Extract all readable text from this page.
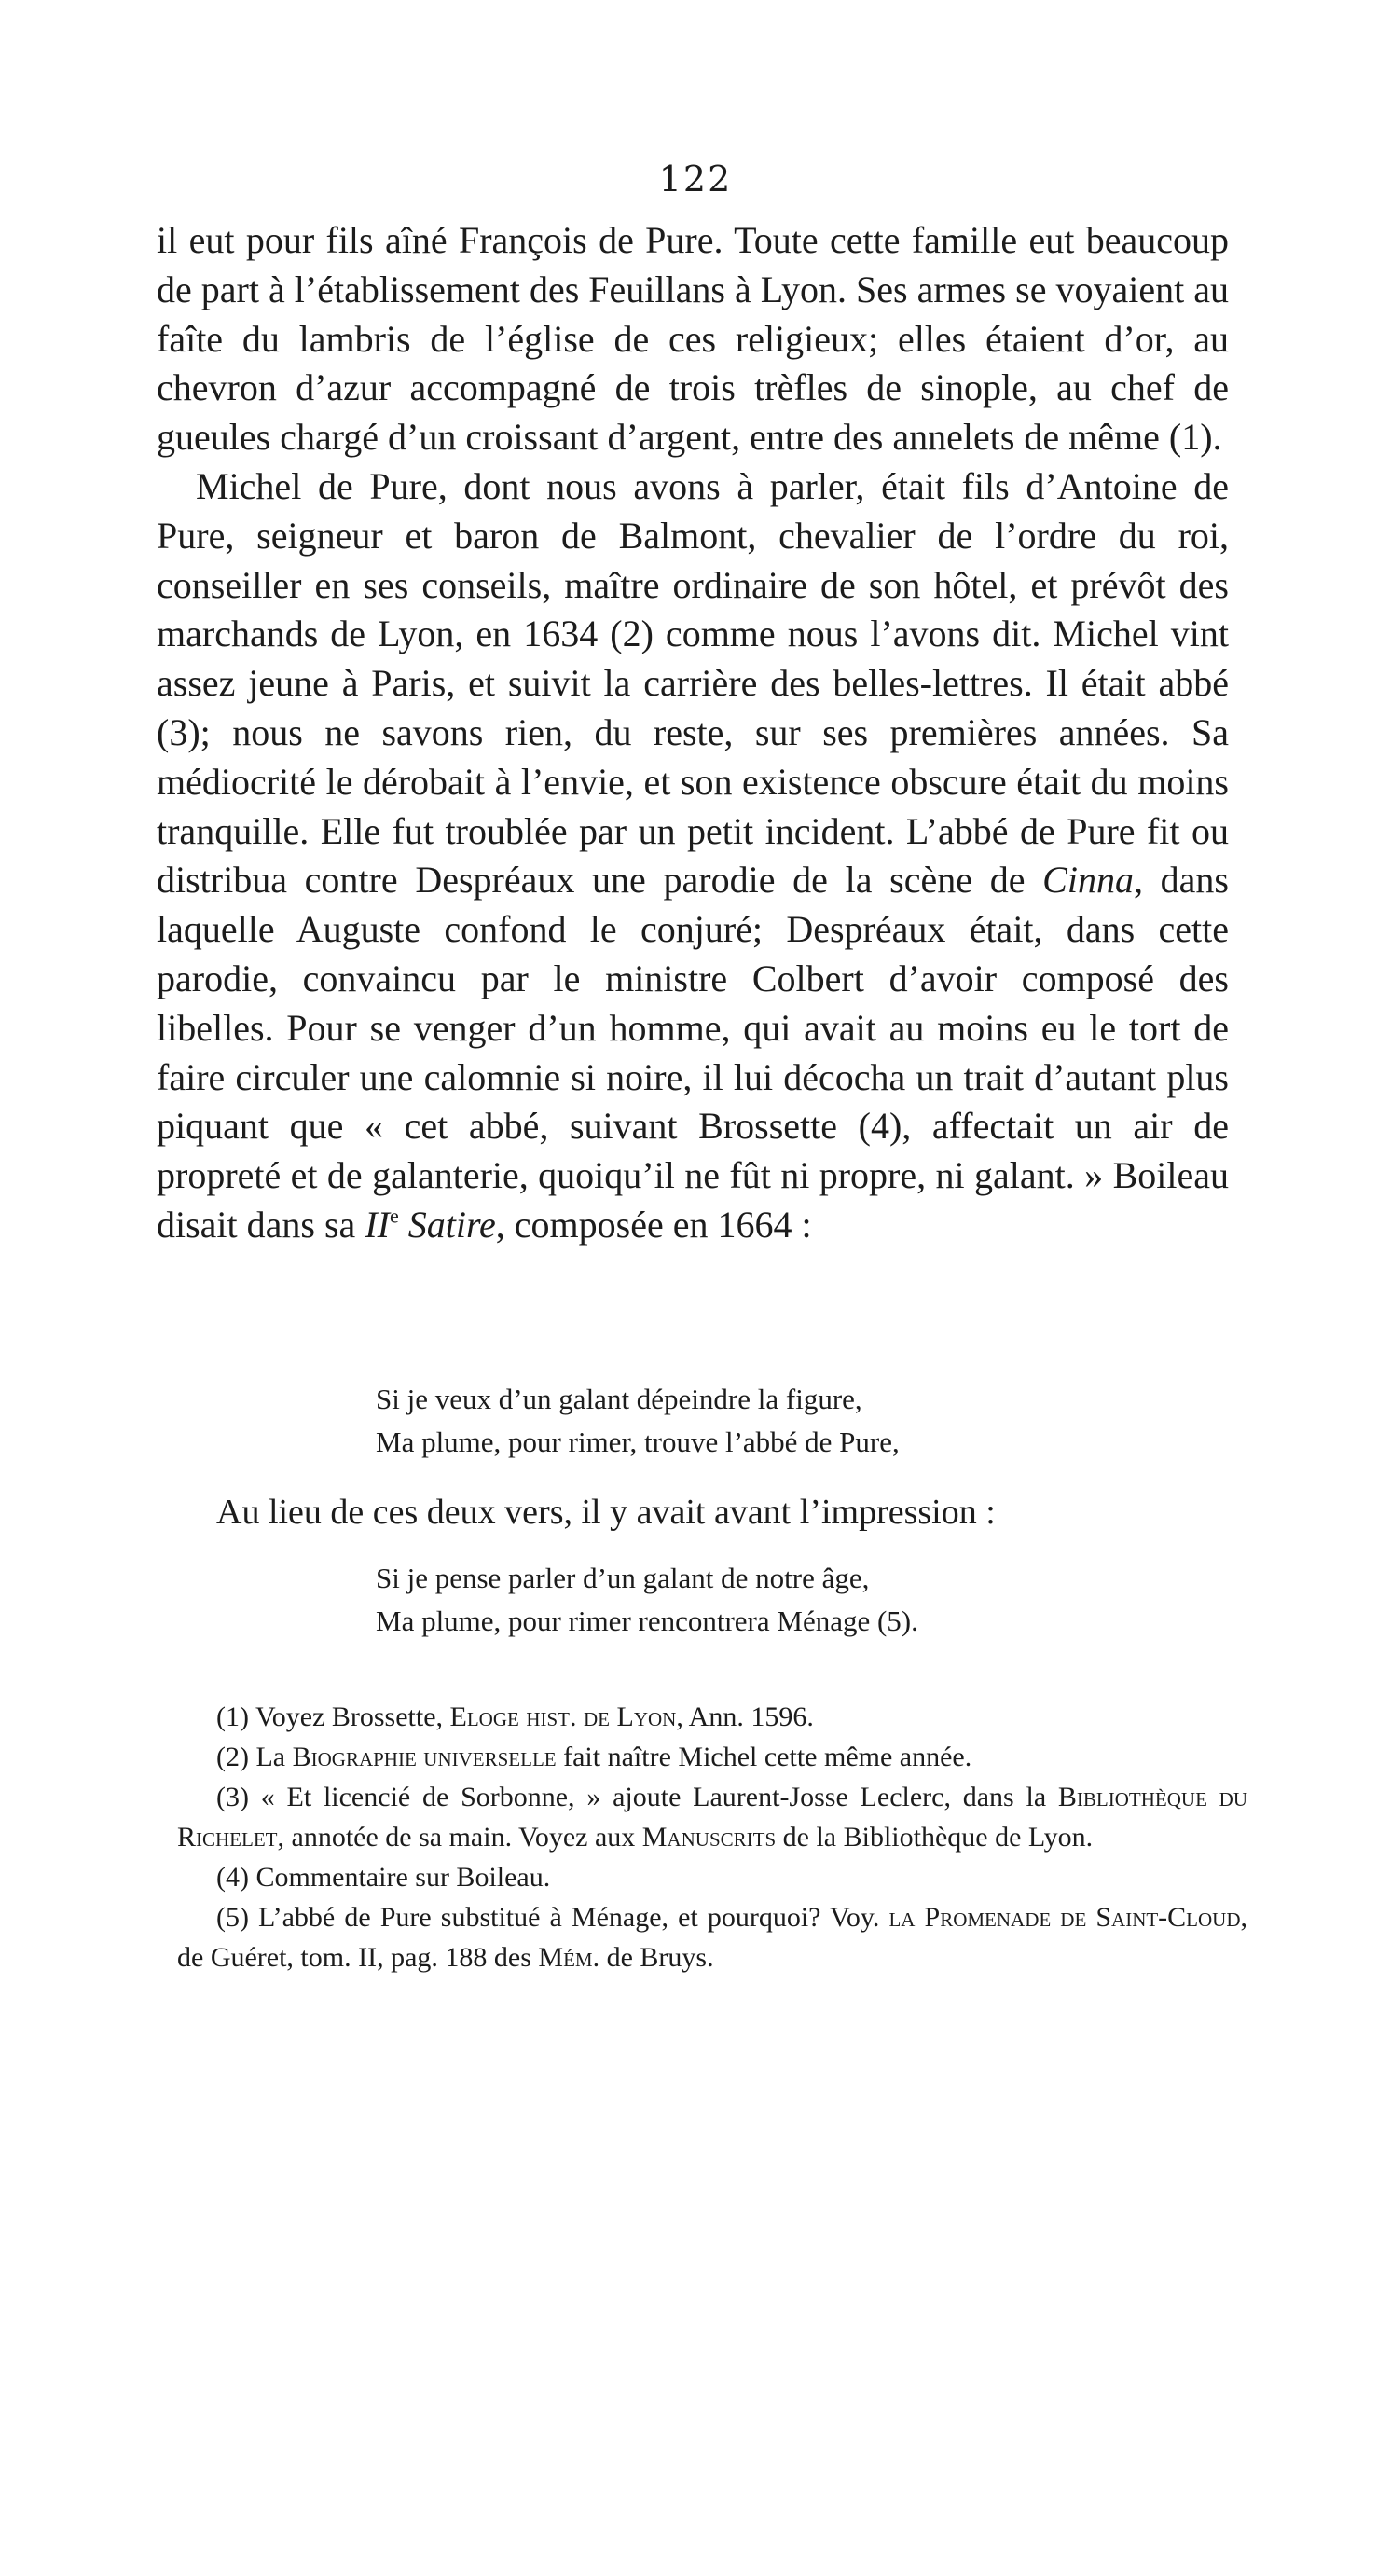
122

il eut pour fils aîné François de Pure. Toute cette famille eut beaucoup de part à l’établissement des Feuillans à Lyon. Ses armes se voyaient au faîte du lambris de l’église de ces religieux; elles étaient d’or, au chevron d’azur accompagné de trois trèfles de sinople, au chef de gueules chargé d’un croissant d’argent, entre des annelets de même (1).

Michel de Pure, dont nous avons à parler, était fils d’Antoine de Pure, seigneur et baron de Balmont, chevalier de l’ordre du roi, conseiller en ses conseils, maître ordinaire de son hôtel, et prévôt des marchands de Lyon, en 1634 (2) comme nous l’avons dit. Michel vint assez jeune à Paris, et suivit la carrière des belles-lettres. Il était abbé (3); nous ne savons rien, du reste, sur ses premières années. Sa médiocrité le dérobait à l’envie, et son existence obscure était du moins tranquille. Elle fut troublée par un petit incident. L’abbé de Pure fit ou distribua contre Despréaux une parodie de la scène de Cinna, dans laquelle Auguste confond le conjuré; Despréaux était, dans cette parodie, convaincu par le ministre Colbert d’avoir composé des libelles. Pour se venger d’un homme, qui avait au moins eu le tort de faire circuler une calomnie si noire, il lui décocha un trait d’autant plus piquant que « cet abbé, suivant Brossette (4), affectait un air de propreté et de galanterie, quoiqu’il ne fût ni propre, ni galant. » Boileau disait dans sa IIe Satire, composée en 1664 :

Si je veux d’un galant dépeindre la figure,
Ma plume, pour rimer, trouve l’abbé de Pure,
Au lieu de ces deux vers, il y avait avant l’impression :
Si je pense parler d’un galant de notre âge,
Ma plume, pour rimer rencontrera Ménage (5).

(1) Voyez Brossette, Eloge hist. de Lyon, Ann. 1596.

(2) La Biographie universelle fait naître Michel cette même année.

(3) « Et licencié de Sorbonne, » ajoute Laurent-Josse Leclerc, dans la Bibliothèque du Richelet, annotée de sa main. Voyez aux Manuscrits de la Bibliothèque de Lyon.

(4) Commentaire sur Boileau.

(5) L’abbé de Pure substitué à Ménage, et pourquoi? Voy. la Promenade de Saint-Cloud, de Guéret, tom. II, pag. 188 des Mém. de Bruys.
